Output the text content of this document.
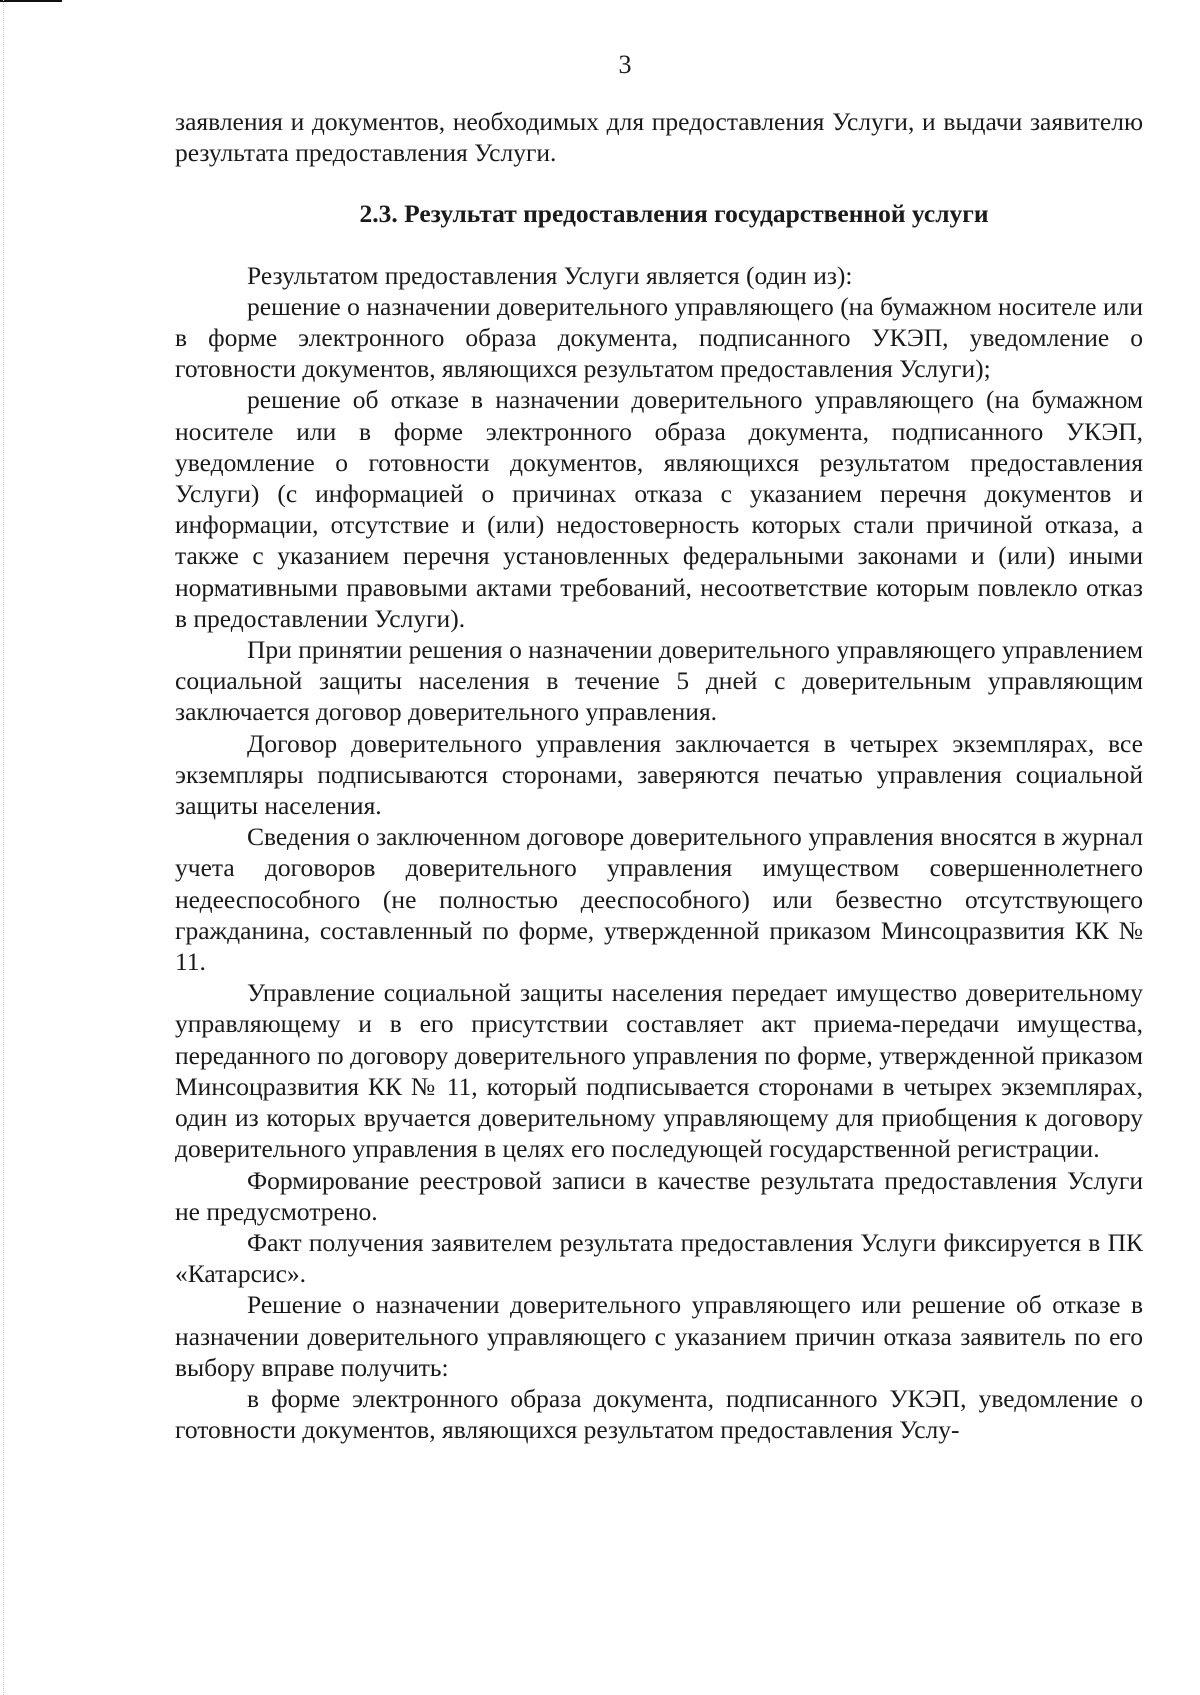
3

заявления и документов, необходимых для предоставления Услуги, и выдачи заявителю результата предоставления Услуги.

2.3. Результат предоставления государственной услуги

Результатом предоставления Услуги является (один из):

решение о назначении доверительного управляющего (на бумажном носителе или в форме электронного образа документа, подписанного УКЭП, уведомление о готовности документов, являющихся результатом предоставления Услуги);

решение об отказе в назначении доверительного управляющего (на бумажном носителе или в форме электронного образа документа, подписанного УКЭП, уведомление о готовности документов, являющихся результатом предоставления Услуги) (с информацией о причинах отказа с указанием перечня документов и информации, отсутствие и (или) недостоверность которых стали причиной отказа, а также с указанием перечня установленных федеральными законами и (или) иными нормативными правовыми актами требований, несоответствие которым повлекло отказ в предоставлении Услуги).

При принятии решения о назначении доверительного управляющего управлением социальной защиты населения в течение 5 дней с доверительным управляющим заключается договор доверительного управления.

Договор доверительного управления заключается в четырех экземплярах, все экземпляры подписываются сторонами, заверяются печатью управления социальной защиты населения.

Сведения о заключенном договоре доверительного управления вносятся в журнал учета договоров доверительного управления имуществом совершеннолетнего недееспособного (не полностью дееспособного) или безвестно отсутствующего гражданина, составленный по форме, утвержденной приказом Минсоцразвития КК № 11.

Управление социальной защиты населения передает имущество доверительному управляющему и в его присутствии составляет акт приема-передачи имущества, переданного по договору доверительного управления по форме, утвержденной приказом Минсоцразвития КК № 11, который подписывается сторонами в четырех экземплярах, один из которых вручается доверительному управляющему для приобщения к договору доверительного управления в целях его последующей государственной регистрации.

Формирование реестровой записи в качестве результата предоставления Услуги не предусмотрено.

Факт получения заявителем результата предоставления Услуги фиксируется в ПК «Катарсис».

Решение о назначении доверительного управляющего или решение об отказе в назначении доверительного управляющего с указанием причин отказа заявитель по его выбору вправе получить:

в форме электронного образа документа, подписанного УКЭП, уведомление о готовности документов, являющихся результатом предоставления Услу-
